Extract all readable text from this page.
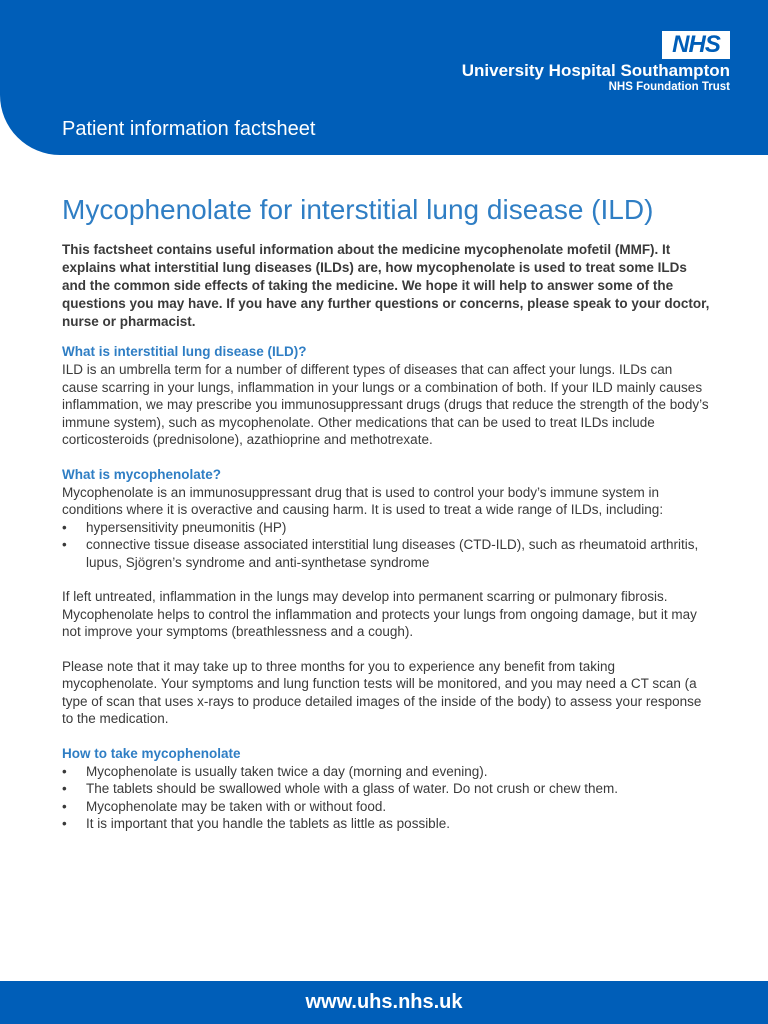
NHS
University Hospital Southampton
NHS Foundation Trust
Patient information factsheet
Mycophenolate for interstitial lung disease (ILD)

This factsheet contains useful information about the medicine mycophenolate mofetil (MMF). It explains what interstitial lung diseases (ILDs) are, how mycophenolate is used to treat some ILDs and the common side effects of taking the medicine. We hope it will help to answer some of the questions you may have. If you have any further questions or concerns, please speak to your doctor, nurse or pharmacist.

What is interstitial lung disease (ILD)?

ILD is an umbrella term for a number of different types of diseases that can affect your lungs. ILDs can cause scarring in your lungs, inflammation in your lungs or a combination of both. If your ILD mainly causes inflammation, we may prescribe you immunosuppressant drugs (drugs that reduce the strength of the body’s immune system), such as mycophenolate. Other medications that can be used to treat ILDs include corticosteroids (prednisolone), azathioprine and methotrexate.

What is mycophenolate?

Mycophenolate is an immunosuppressant drug that is used to control your body’s immune system in conditions where it is overactive and causing harm. It is used to treat a wide range of ILDs, including:

• hypersensitivity pneumonitis (HP)
• connective tissue disease associated interstitial lung diseases (CTD-ILD), such as rheumatoid arthritis, lupus, Sjögren’s syndrome and anti-synthetase syndrome

If left untreated, inflammation in the lungs may develop into permanent scarring or pulmonary fibrosis. Mycophenolate helps to control the inflammation and protects your lungs from ongoing damage, but it may not improve your symptoms (breathlessness and a cough).

Please note that it may take up to three months for you to experience any benefit from taking mycophenolate. Your symptoms and lung function tests will be monitored, and you may need a CT scan (a type of scan that uses x-rays to produce detailed images of the inside of the body) to assess your response to the medication.

How to take mycophenolate
• Mycophenolate is usually taken twice a day (morning and evening).
• The tablets should be swallowed whole with a glass of water. Do not crush or chew them.
• Mycophenolate may be taken with or without food.
• It is important that you handle the tablets as little as possible.
www.uhs.nhs.uk
